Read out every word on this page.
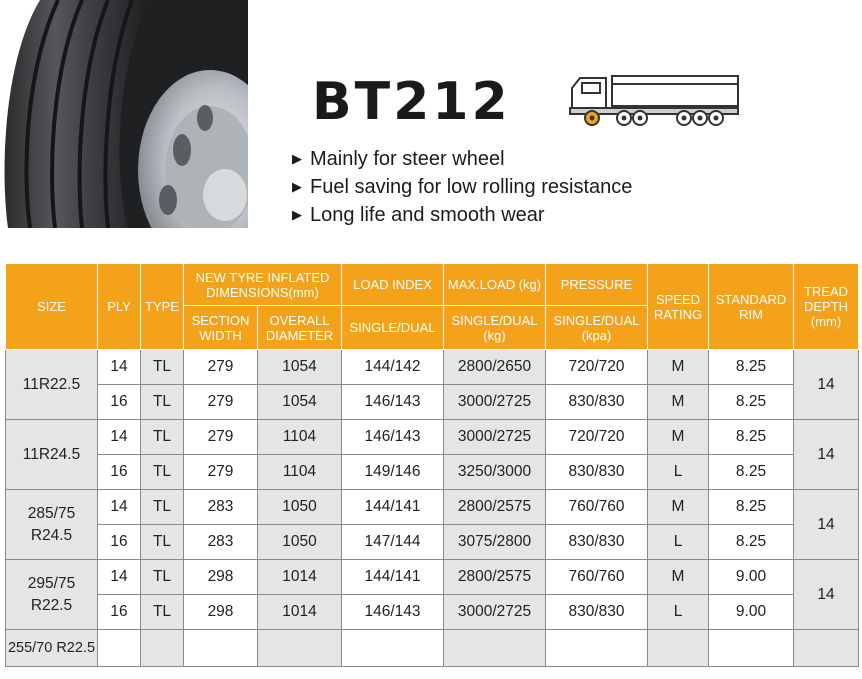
BT212
▶ Mainly for steer wheel
▶ Fuel saving for low rolling resistance
▶ Long life and smooth wear
SIZE	PLY	TYPE	NEW TYRE INFLATED DIMENSIONS(mm)		LOAD INDEX	MAX.LOAD (kg)	PRESSURE	SPEED RATING	STANDARD RIM	TREAD DEPTH (mm)
			SECTION WIDTH	OVERALL DIAMETER	SINGLE/DUAL	SINGLE/DUAL (kg)	SINGLE/DUAL (kpa)			
11R22.5	14	TL	279	1054	144/142	2800/2650	720/720	M	8.25	14
	16	TL	279	1054	146/143	3000/2725	830/830	M	8.25	
11R24.5	14	TL	279	1104	146/143	3000/2725	720/720	M	8.25	14
	16	TL	279	1104	149/146	3250/3000	830/830	L	8.25	
285/75 R24.5	14	TL	283	1050	144/141	2800/2575	760/760	M	8.25	14
	16	TL	283	1050	147/144	3075/2800	830/830	L	8.25	
295/75 R22.5	14	TL	298	1014	144/141	2800/2575	760/760	M	9.00	14
	16	TL	298	1014	146/143	3000/2725	830/830	L	9.00	
255/70 R22.5										
